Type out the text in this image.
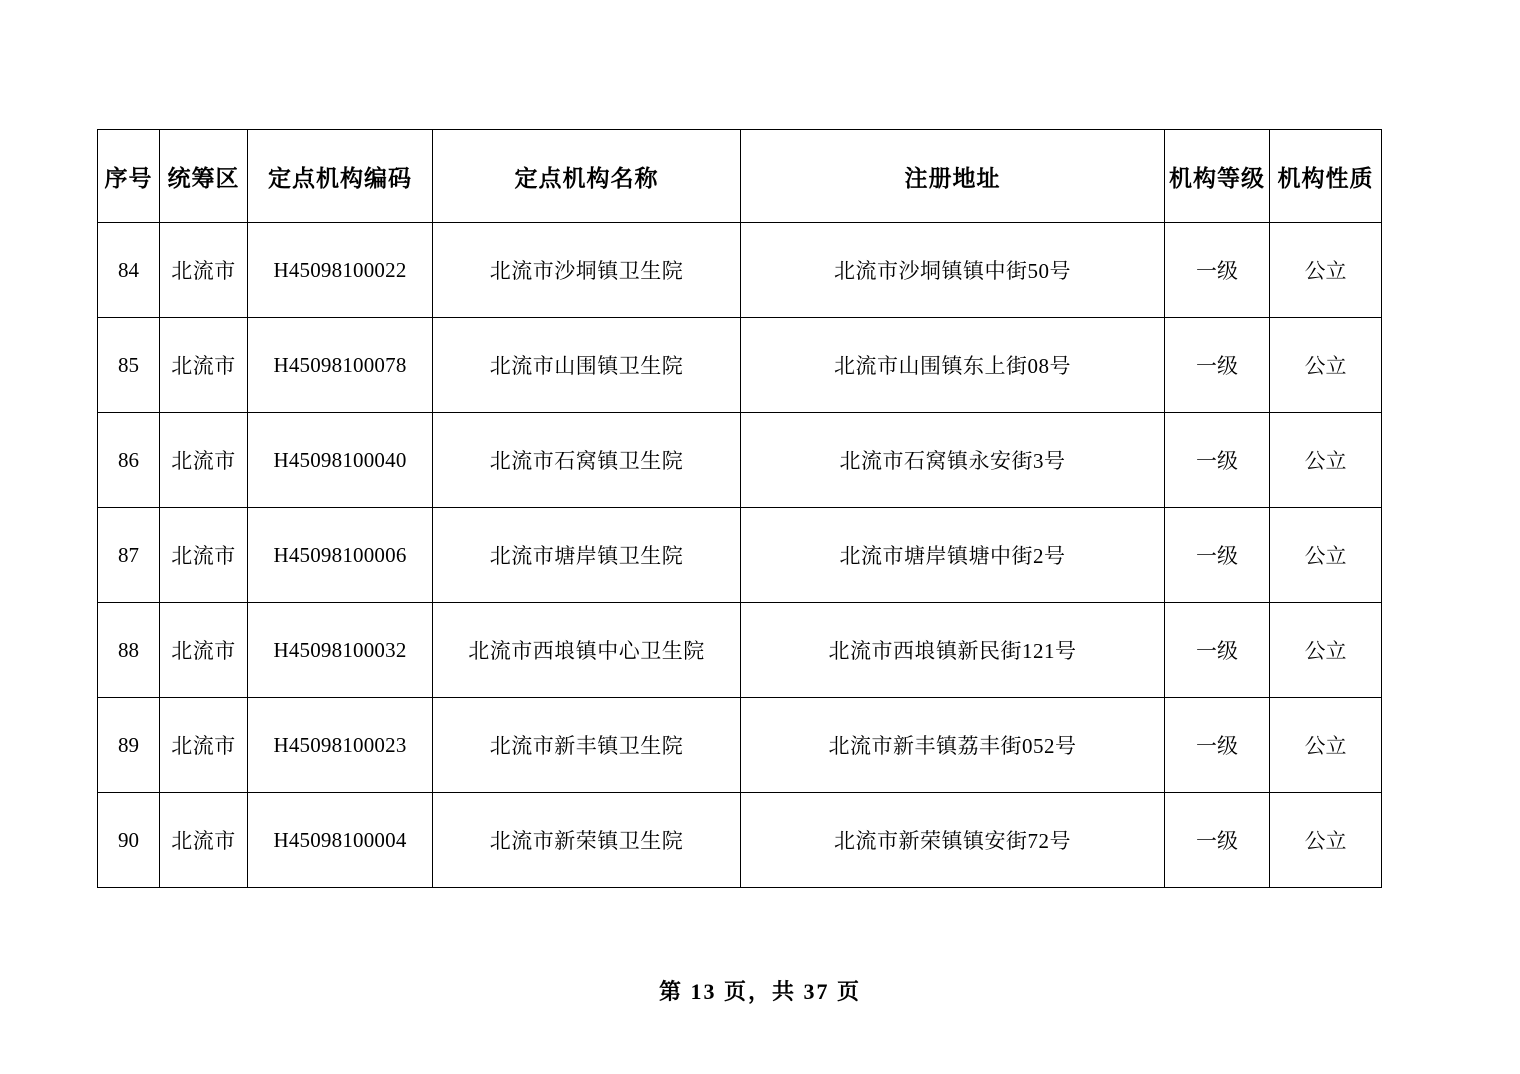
序号	统筹区	定点机构编码	定点机构名称	注册地址	机构等级	机构性质
84	北流市	H45098100022	北流市沙垌镇卫生院	北流市沙垌镇镇中街50号	一级	公立
85	北流市	H45098100078	北流市山围镇卫生院	北流市山围镇东上街08号	一级	公立
86	北流市	H45098100040	北流市石窝镇卫生院	北流市石窝镇永安街3号	一级	公立
87	北流市	H45098100006	北流市塘岸镇卫生院	北流市塘岸镇塘中街2号	一级	公立
88	北流市	H45098100032	北流市西埌镇中心卫生院	北流市西埌镇新民街121号	一级	公立
89	北流市	H45098100023	北流市新丰镇卫生院	北流市新丰镇荔丰街052号	一级	公立
90	北流市	H45098100004	北流市新荣镇卫生院	北流市新荣镇镇安街72号	一级	公立
第 13 页，共 37 页
